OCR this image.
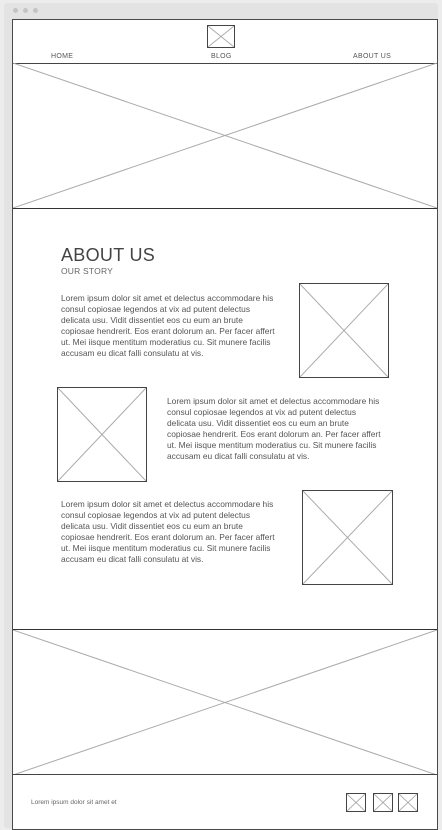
HOME	BLOG	ABOUT US
ABOUT US
OUR STORY

Lorem ipsum dolor sit amet et delectus accommodare his consul copiosae legendos at vix ad putent delectus delicata usu. Vidit dissentiet eos cu eum an brute copiosae hendrerit. Eos erant dolorum an. Per facer affert ut. Mei iisque mentitum moderatius cu. Sit munere facilis accusam eu dicat falli consulatu at vis.

Lorem ipsum dolor sit amet et delectus accommodare his consul copiosae legendos at vix ad putent delectus delicata usu. Vidit dissentiet eos cu eum an brute copiosae hendrerit. Eos erant dolorum an. Per facer affert ut. Mei iisque mentitum moderatius cu. Sit munere facilis accusam eu dicat falli consulatu at vis.

Lorem ipsum dolor sit amet et delectus accommodare his consul copiosae legendos at vix ad putent delectus delicata usu. Vidit dissentiet eos cu eum an brute copiosae hendrerit. Eos erant dolorum an. Per facer affert ut. Mei iisque mentitum moderatius cu. Sit munere facilis accusam eu dicat falli consulatu at vis.

Lorem ipsum dolor sit amet et
